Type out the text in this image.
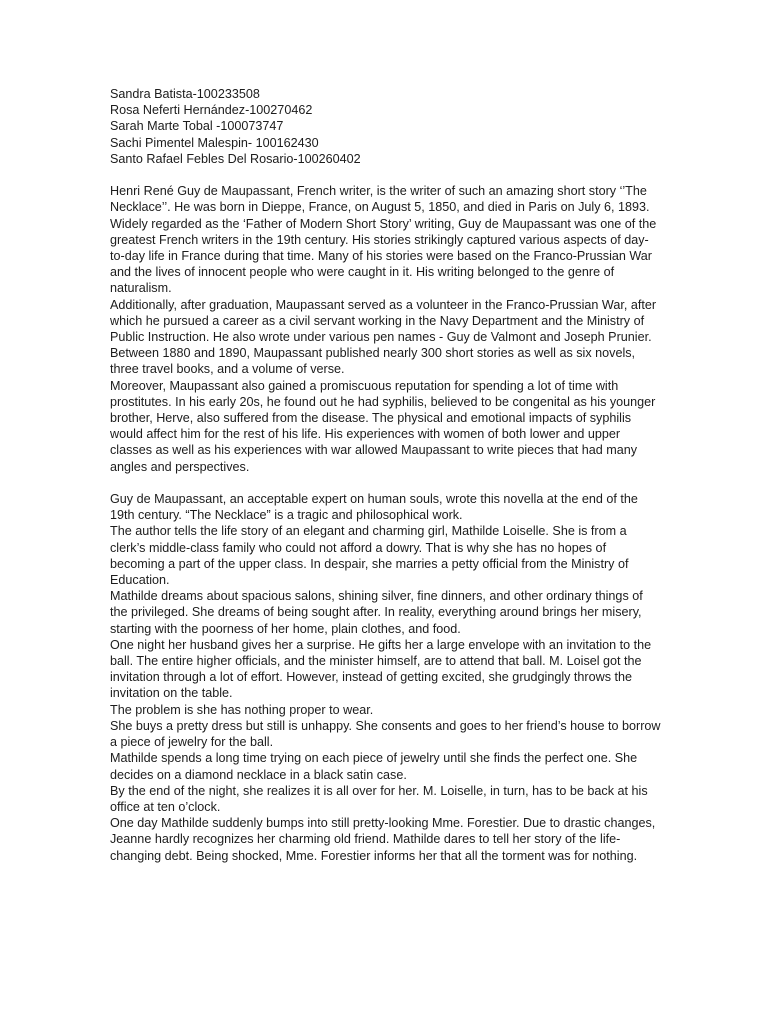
Sandra Batista-100233508

Rosa Neferti Hernández-100270462

Sarah Marte Tobal -100073747

Sachi Pimentel Malespin- 100162430

Santo Rafael Febles Del Rosario-100260402

Henri René Guy de Maupassant, French writer, is the writer of such an amazing short story ‘’The Necklace’’. He was born in Dieppe, France, on August 5, 1850, and died in Paris on July 6, 1893. Widely regarded as the ‘Father of Modern Short Story’ writing, Guy de Maupassant was one of the greatest French writers in the 19th century. His stories strikingly captured various aspects of day-to-day life in France during that time. Many of his stories were based on the Franco-Prussian War and the lives of innocent people who were caught in it. His writing belonged to the genre of naturalism.

Additionally, after graduation, Maupassant served as a volunteer in the Franco-Prussian War, after which he pursued a career as a civil servant working in the Navy Department and the Ministry of Public Instruction. He also wrote under various pen names - Guy de Valmont and Joseph Prunier. Between 1880 and 1890, Maupassant published nearly 300 short stories as well as six novels, three travel books, and a volume of verse.

Moreover, Maupassant also gained a promiscuous reputation for spending a lot of time with prostitutes. In his early 20s, he found out he had syphilis, believed to be congenital as his younger brother, Herve, also suffered from the disease. The physical and emotional impacts of syphilis would affect him for the rest of his life. His experiences with women of both lower and upper classes as well as his experiences with war allowed Maupassant to write pieces that had many angles and perspectives.

Guy de Maupassant, an acceptable expert on human souls, wrote this novella at the end of the 19th century. “The Necklace” is a tragic and philosophical work.

The author tells the life story of an elegant and charming girl, Mathilde Loiselle. She is from a clerk’s middle-class family who could not afford a dowry. That is why she has no hopes of becoming a part of the upper class. In despair, she marries a petty official from the Ministry of Education.

Mathilde dreams about spacious salons, shining silver, fine dinners, and other ordinary things of the privileged. She dreams of being sought after. In reality, everything around brings her misery, starting with the poorness of her home, plain clothes, and food.

One night her husband gives her a surprise. He gifts her a large envelope with an invitation to the ball. The entire higher officials, and the minister himself, are to attend that ball. M. Loisel got the invitation through a lot of effort. However, instead of getting excited, she grudgingly throws the invitation on the table.

The problem is she has nothing proper to wear.

She buys a pretty dress but still is unhappy. She consents and goes to her friend’s house to borrow a piece of jewelry for the ball.

Mathilde spends a long time trying on each piece of jewelry until she finds the perfect one. She decides on a diamond necklace in a black satin case.

By the end of the night, she realizes it is all over for her. M. Loiselle, in turn, has to be back at his office at ten o’clock.

One day Mathilde suddenly bumps into still pretty-looking Mme. Forestier. Due to drastic changes, Jeanne hardly recognizes her charming old friend. Mathilde dares to tell her story of the life-changing debt. Being shocked, Mme. Forestier informs her that all the torment was for nothing.
